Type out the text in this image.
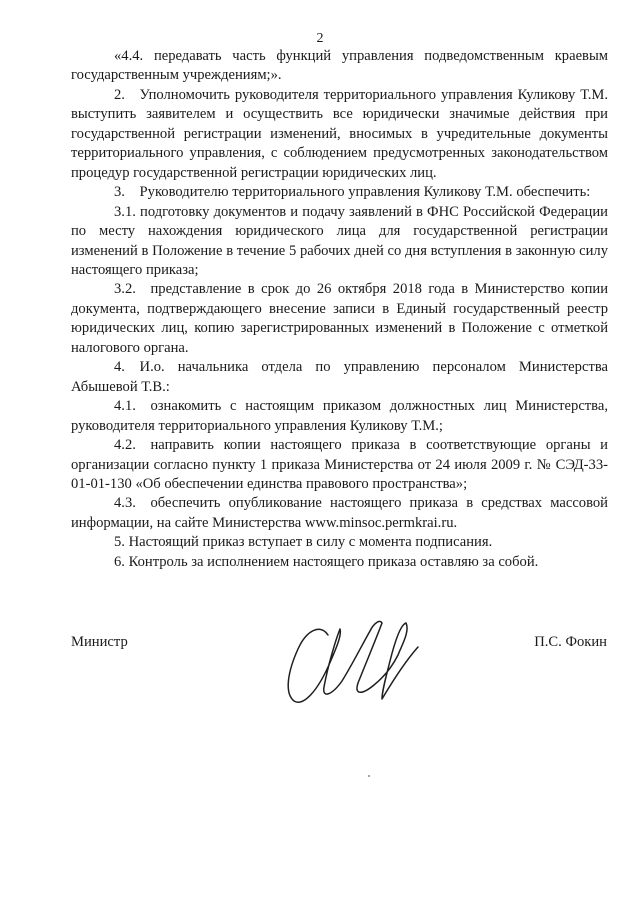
2

«4.4. передавать часть функций управления подведомственным краевым государственным учреждениям;».

2. Уполномочить руководителя территориального управления Куликову Т.М. выступить заявителем и осуществить все юридически значимые действия при государственной регистрации изменений, вносимых в учредительные документы территориального управления, с соблюдением предусмотренных законодательством процедур государственной регистрации юридических лиц.

3. Руководителю территориального управления Куликову Т.М. обеспечить:

3.1. подготовку документов и подачу заявлений в ФНС Российской Федерации по месту нахождения юридического лица для государственной регистрации изменений в Положение в течение 5 рабочих дней со дня вступления в законную силу настоящего приказа;

3.2. представление в срок до 26 октября 2018 года в Министерство копии документа, подтверждающего внесение записи в Единый государственный реестр юридических лиц, копию зарегистрированных изменений в Положение с отметкой налогового органа.

4. И.о. начальника отдела по управлению персоналом Министерства Абышевой Т.В.:

4.1. ознакомить с настоящим приказом должностных лиц Министерства, руководителя территориального управления Куликову Т.М.;

4.2. направить копии настоящего приказа в соответствующие органы и организации согласно пункту 1 приказа Министерства от 24 июля 2009 г. № СЭД-33-01-01-130 «Об обеспечении единства правового пространства»;

4.3. обеспечить опубликование настоящего приказа в средствах массовой информации, на сайте Министерства www.minsoc.permkrai.ru.

5. Настоящий приказ вступает в силу с момента подписания.

6. Контроль за исполнением настоящего приказа оставляю за собой.

Министр	П.С. Фокин
